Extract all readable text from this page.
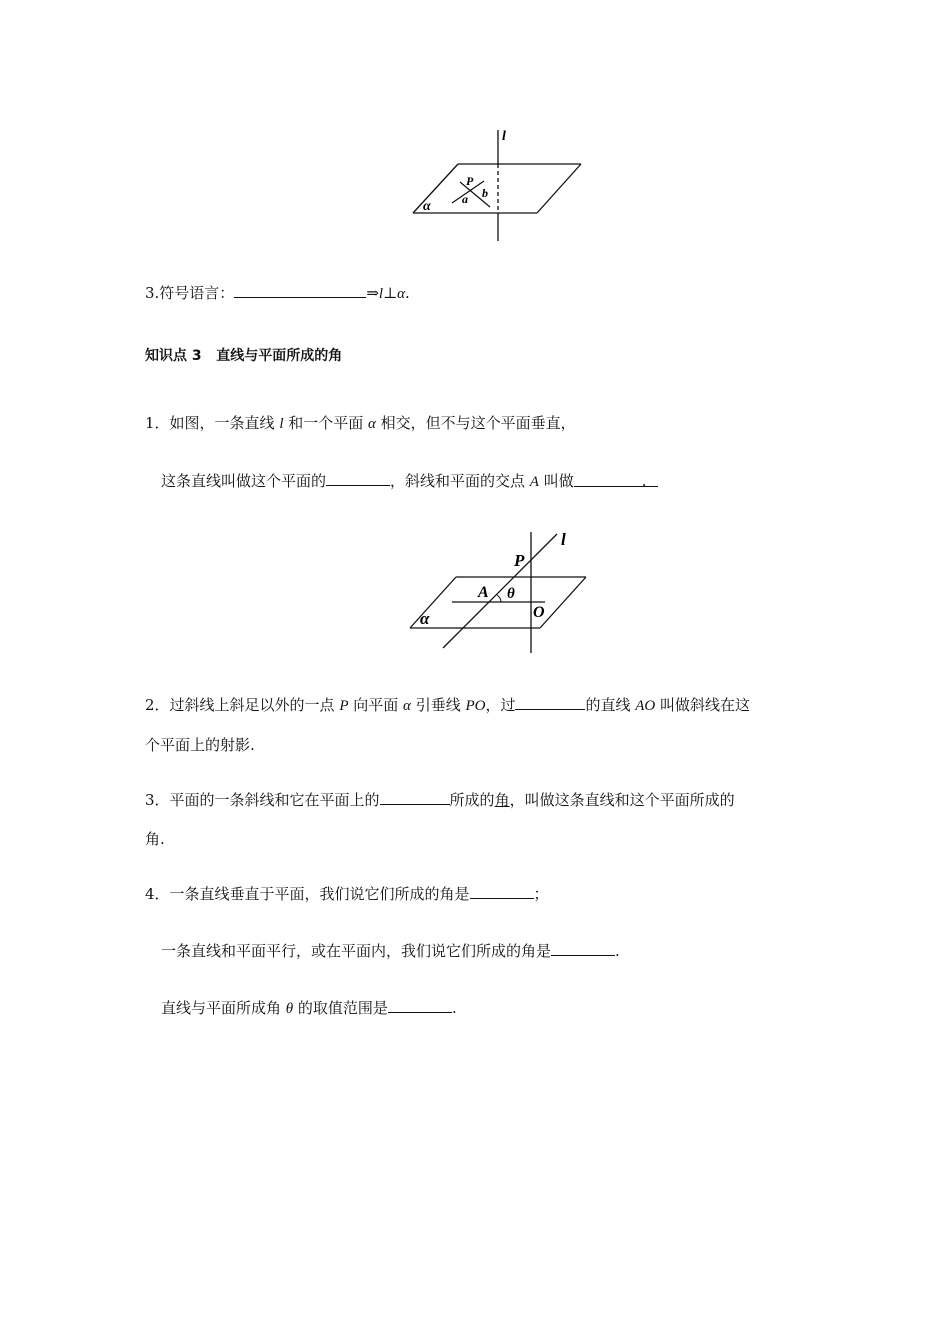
l
P
a b
α
3.符号语言：	⇒l⊥α.
知识点 3 直线与平面所成的角
1．如图，一条直线 l 和一个平面 α 相交，但不与这个平面垂直，
这条直线叫做这个平面的	，斜线和平面的交点 A 叫做	.
l
P
A θ
O
α
2．过斜线上斜足以外的一点 P 向平面 α 引垂线 PO，过	的直线 AO 叫做斜线在这
个平面上的射影.
3．平面的一条斜线和它在平面上的	所成的角，叫做这条直线和这个平面所成的
角.
4．一条直线垂直于平面，我们说它们所成的角是	；
一条直线和平面平行，或在平面内，我们说它们所成的角是	.
直线与平面所成角 θ 的取值范围是	.
